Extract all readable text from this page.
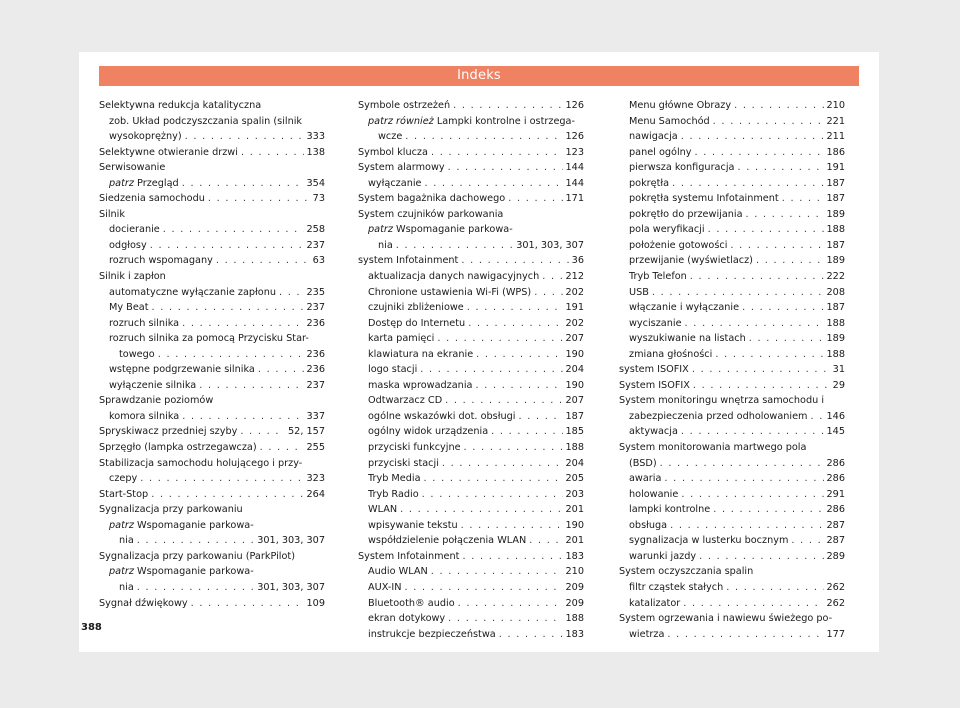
Indeks
Selektywna redukcja katalityczna
zob. Układ podczyszczania spalin (silnik
wysokoprężny) . . .	333
Selektywne otwieranie drzwi . . .	138
Serwisowanie
patrz Przegląd . . .	354
Siedzenia samochodu . . .	73
Silnik
docieranie . . .	258
odgłosy . . .	237
rozruch wspomagany . . .	63
Silnik i zapłon
automatyczne wyłączanie zapłonu . . .	235
My Beat . . .	237
rozruch silnika . . .	236
rozruch silnika za pomocą Przycisku Star-
towego . . .	236
wstępne podgrzewanie silnika . . .	236
wyłączenie silnika . . .	237
Sprawdzanie poziomów
komora silnika . . .	337
Spryskiwacz przedniej szyby . . .	52, 157
Sprzęgło (lampka ostrzegawcza) . . .	255
Stabilizacja samochodu holującego i przy-
czepy . . .	323
Start-Stop . . .	264
Sygnalizacja przy parkowaniu
patrz Wspomaganie parkowa-
nia . . .	301, 303, 307
Sygnalizacja przy parkowaniu (ParkPilot)
patrz Wspomaganie parkowa-
nia . . .	301, 303, 307
Sygnał dźwiękowy . . .	109
Symbole ostrzeżeń . . .	126
patrz również Lampki kontrolne i ostrzega-
wcze . . .	126
Symbol klucza . . .	123
System alarmowy . . .	144
wyłączanie . . .	144
System bagażnika dachowego . . .	171
System czujników parkowania
patrz Wspomaganie parkowa-
nia . . .	301, 303, 307
system Infotainment . . .	36
aktualizacja danych nawigacyjnych . . .	212
Chronione ustawienia Wi-Fi (WPS) . . .	202
czujniki zbliżeniowe . . .	191
Dostęp do Internetu . . .	202
karta pamięci . . .	207
klawiatura na ekranie . . .	190
logo stacji . . .	204
maska wprowadzania . . .	190
Odtwarzacz CD . . .	207
ogólne wskazówki dot. obsługi . . .	187
ogólny widok urządzenia . . .	185
przyciski funkcyjne . . .	188
przyciski stacji . . .	204
Tryb Media . . .	205
Tryb Radio . . .	203
WLAN . . .	201
wpisywanie tekstu . . .	190
współdzielenie połączenia WLAN . . .	201
System Infotainment . . .	183
Audio WLAN . . .	210
AUX-IN . . .	209
Bluetooth® audio . . .	209
ekran dotykowy . . .	188
instrukcje bezpieczeństwa . . .	183
Menu główne Obrazy . . .	210
Menu Samochód . . .	221
nawigacja . . .	211
panel ogólny . . .	186
pierwsza konfiguracja . . .	191
pokrętła . . .	187
pokrętła systemu Infotainment . . .	187
pokrętło do przewijania . . .	189
pola weryfikacji . . .	188
położenie gotowości . . .	187
przewijanie (wyświetlacz) . . .	189
Tryb Telefon . . .	222
USB . . .	208
włączanie i wyłączanie . . .	187
wyciszanie . . .	188
wyszukiwanie na listach . . .	189
zmiana głośności . . .	188
system ISOFIX . . .	31
System ISOFIX . . .	29
System monitoringu wnętrza samochodu i
zabezpieczenia przed odholowaniem . . . 146
aktywacja . . .	145
System monitorowania martwego pola
(BSD) . . .	286
awaria . . .	286
holowanie . . .	291
lampki kontrolne . . .	286
obsługa . . .	287
sygnalizacja w lusterku bocznym . . .	287
warunki jazdy . . .	289
System oczyszczania spalin
filtr cząstek stałych . . .	262
katalizator . . .	262
System ogrzewania i nawiewu świeżego po-
wietrza . . .	177
388
